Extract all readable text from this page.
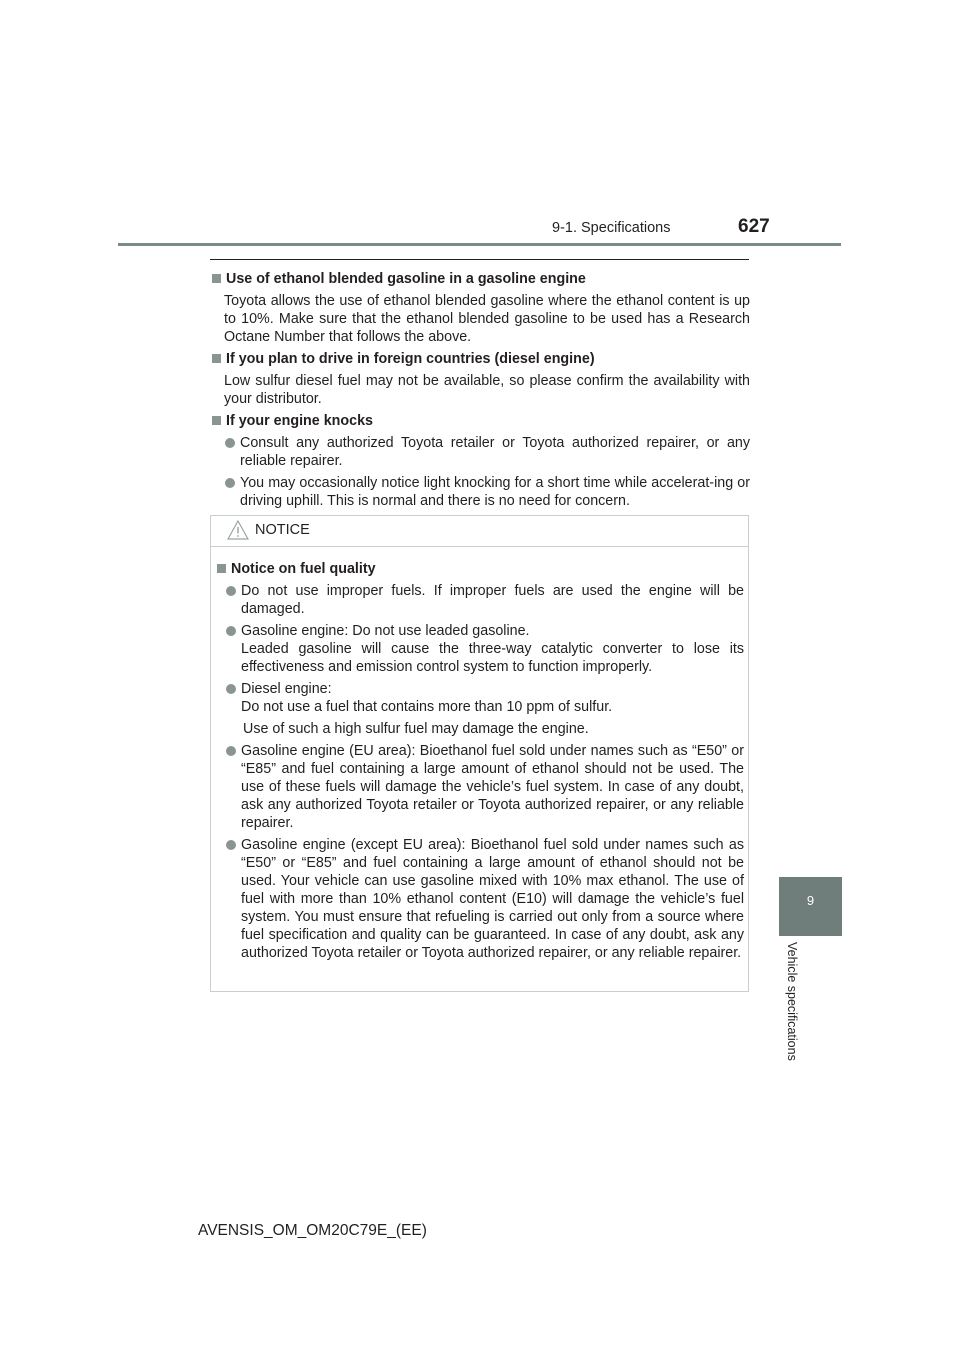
9-1. Specifications	627
9
Vehicle specifications
Use of ethanol blended gasoline in a gasoline engine
Toyota allows the use of ethanol blended gasoline where the ethanol content is up to 10%. Make sure that the ethanol blended gasoline to be used has a Research Octane Number that follows the above.
If you plan to drive in foreign countries (diesel engine)
Low sulfur diesel fuel may not be available, so please confirm the availability with your distributor.
If your engine knocks
Consult any authorized Toyota retailer or Toyota authorized repairer, or any reliable repairer.
You may occasionally notice light knocking for a short time while accelerat-ing or driving uphill. This is normal and there is no need for concern.
NOTICE
Notice on fuel quality
Do not use improper fuels. If improper fuels are used the engine will be damaged.
Gasoline engine: Do not use leaded gasoline.
Leaded gasoline will cause the three-way catalytic converter to lose its effectiveness and emission control system to function improperly.
Diesel engine:
Do not use a fuel that contains more than 10 ppm of sulfur.
Use of such a high sulfur fuel may damage the engine.
Gasoline engine (EU area): Bioethanol fuel sold under names such as “E50” or “E85” and fuel containing a large amount of ethanol should not be used. The use of these fuels will damage the vehicle’s fuel system. In case of any doubt, ask any authorized Toyota retailer or Toyota authorized repairer, or any reliable repairer.
Gasoline engine (except EU area): Bioethanol fuel sold under names such as “E50” or “E85” and fuel containing a large amount of ethanol should not be used. Your vehicle can use gasoline mixed with 10% max ethanol. The use of fuel with more than 10% ethanol content (E10) will damage the vehicle’s fuel system. You must ensure that refueling is carried out only from a source where fuel specification and quality can be guaranteed. In case of any doubt, ask any authorized Toyota retailer or Toyota authorized repairer, or any reliable repairer.
AVENSIS_OM_OM20C79E_(EE)
